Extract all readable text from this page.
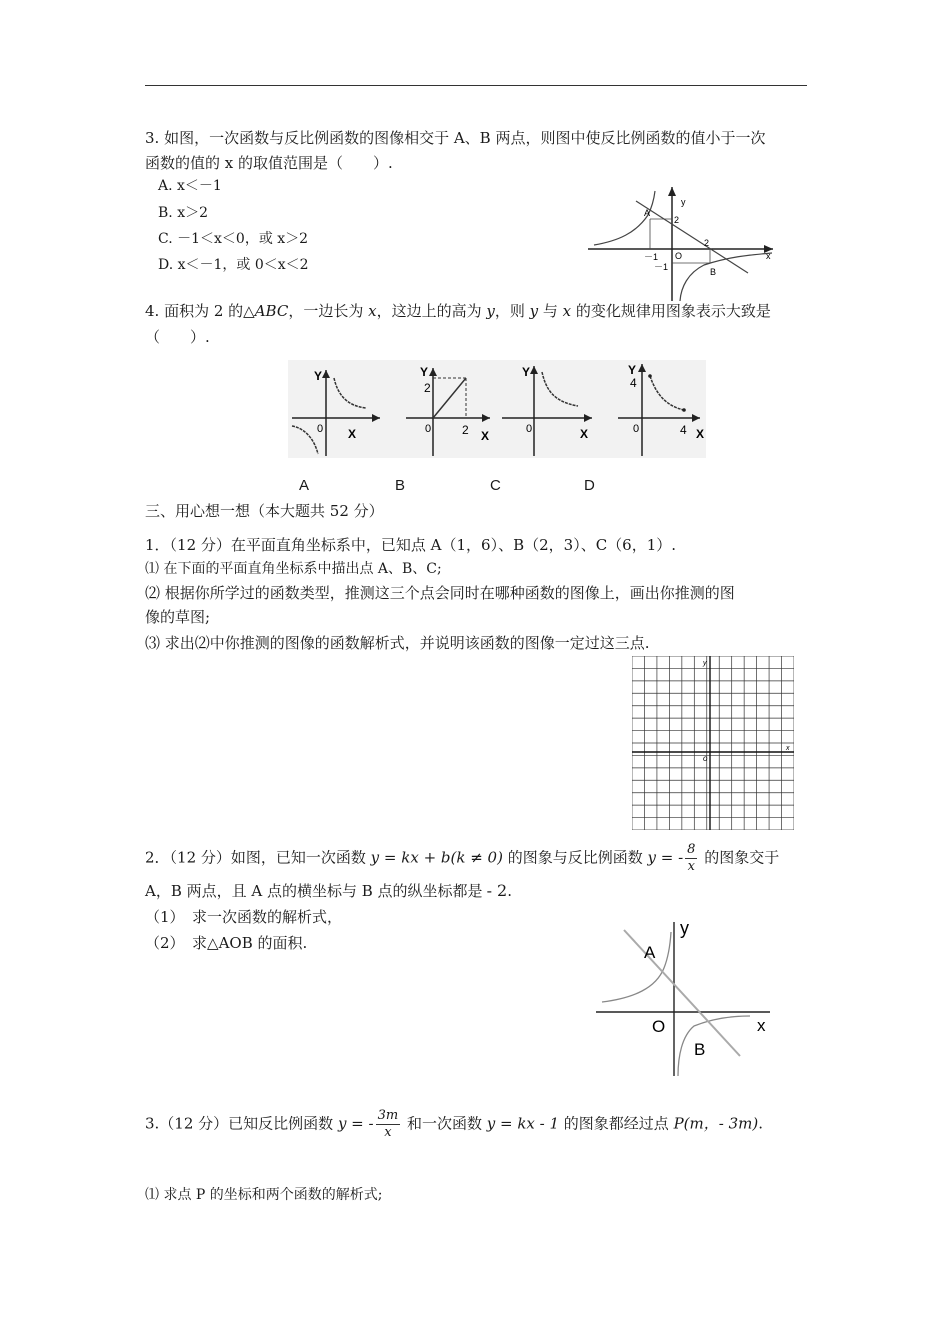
3. 如图，一次函数与反比例函数的图像相交于 A、B 两点，则图中使反比例函数的值小于一次
函数的值的 x 的取值范围是（　　）.
A. x＜－1
B. x＞2
C. －1＜x＜0，或 x＞2
D. x＜－1，或 0＜x＜2
y
x
A
B
O
2
2
－1
－1
4. 面积为 2 的△ABC，一边长为 x，这边上的高为 y，则 y 与 x 的变化规律用图象表示大致是
（　　）.
Y
X
0
Y
2
2 X
0
Y
X
0
Y
4
4 X
0
A	B	C	D
三、用心想一想（本大题共 52 分）
1．（12 分）在平面直角坐标系中，已知点 A（1，6）、B（2，3）、C（6，1）.
⑴ 在下面的平面直角坐标系中描出点 A、B、C;
⑵ 根据你所学过的函数类型，推测这三个点会同时在哪种函数的图像上，画出你推测的图
像的草图;
⑶ 求出⑵中你推测的图像的函数解析式，并说明该函数的图像一定过这三点.
y
x
o
2．（12 分）如图，已知一次函数 y = kx + b(k ≠ 0) 的图象与反比例函数 y = - $\frac{8}{x}$ 的图象交于
A，B 两点，且 A 点的横坐标与 B 点的纵坐标都是 - 2.
（1）　求一次函数的解析式，
（2）　求△AOB 的面积.
y
x
A
B
O
3.（12 分）已知反比例函数 y = - $\frac{3m}{x}$ 和一次函数 y = kx - 1 的图象都经过点 P(m，- 3m).
⑴ 求点 P 的坐标和两个函数的解析式;
